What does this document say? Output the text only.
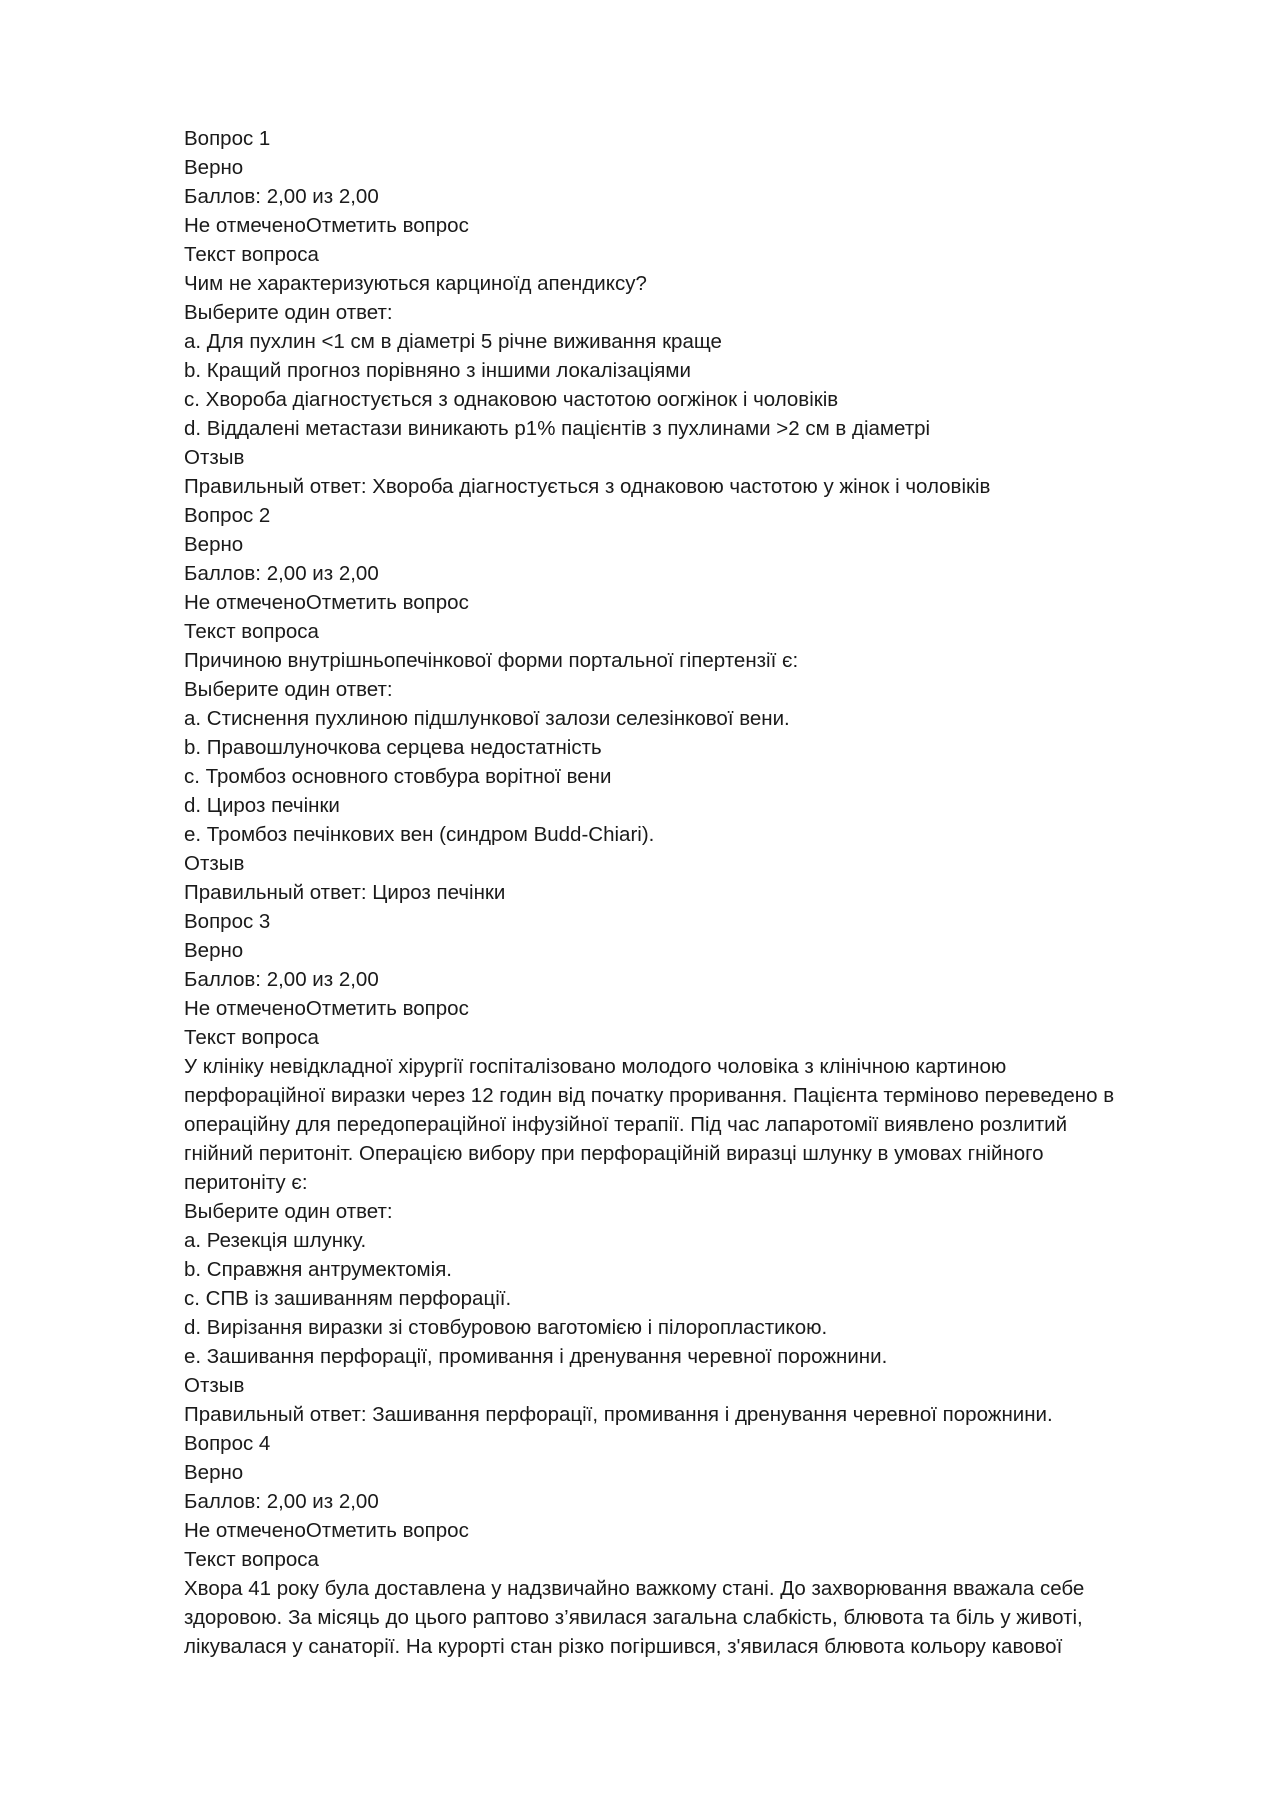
Вопрос 1
Верно
Баллов: 2,00 из 2,00
Не отмеченоОтметить вопрос
Текст вопроса
Чим не характеризуються карциноїд апендиксу?
Выберите один ответ:
a. Для пухлин <1 см в діаметрі 5 річне виживання краще
b. Кращий прогноз порівняно з іншими локалізаціями
c. Хвороба діагностується з однаковою частотою оогжінок і чоловіків
d. Віддалені метастази виникають р1% пацієнтів з пухлинами >2 см в діаметрі
Отзыв
Правильный ответ: Хвороба діагностується з однаковою частотою у жінок і чоловіків
Вопрос 2
Верно
Баллов: 2,00 из 2,00
Не отмеченоОтметить вопрос
Текст вопроса
Причиною внутрішньопечінкової форми портальної гіпертензії є:
Выберите один ответ:
a. Стиснення пухлиною підшлункової залози селезінкової вени.
b. Правошлуночкова серцева недостатність
c. Тромбоз основного стовбура ворітної вени
d. Цироз печінки
e. Тромбоз печінкових вен (синдром Budd-Chiari).
Отзыв
Правильный ответ: Цироз печінки
Вопрос 3
Верно
Баллов: 2,00 из 2,00
Не отмеченоОтметить вопрос
Текст вопроса
У клініку невідкладної хірургії госпіталізовано молодого чоловіка з клінічною картиною
перфораційної виразки через 12 годин від початку проривання. Пацієнта терміново переведено в
операційну для передопераційної інфузійної терапії. Під час лапаротомії виявлено розлитий
гнійний перитоніт. Операцією вибору при перфораційній виразці шлунку в умовах гнійного
перитоніту є:
Выберите один ответ:
a. Резекція шлунку.
b. Справжня антрумектомія.
c. СПВ із зашиванням перфорації.
d. Вирізання виразки зі стовбуровою ваготомією і пілоропластикою.
e. Зашивання перфорації, промивання і дренування черевної порожнини.
Отзыв
Правильный ответ: Зашивання перфорації, промивання і дренування черевної порожнини.
Вопрос 4
Верно
Баллов: 2,00 из 2,00
Не отмеченоОтметить вопрос
Текст вопроса
Хвора 41 року була доставлена у надзвичайно важкому стані. До захворювання вважала себе
здоровою. За місяць до цього раптово з’явилася загальна слабкість, блювота та біль у животі,
лікувалася у санаторії. На курорті стан різко погіршився, з'явилася блювота кольору кавової
